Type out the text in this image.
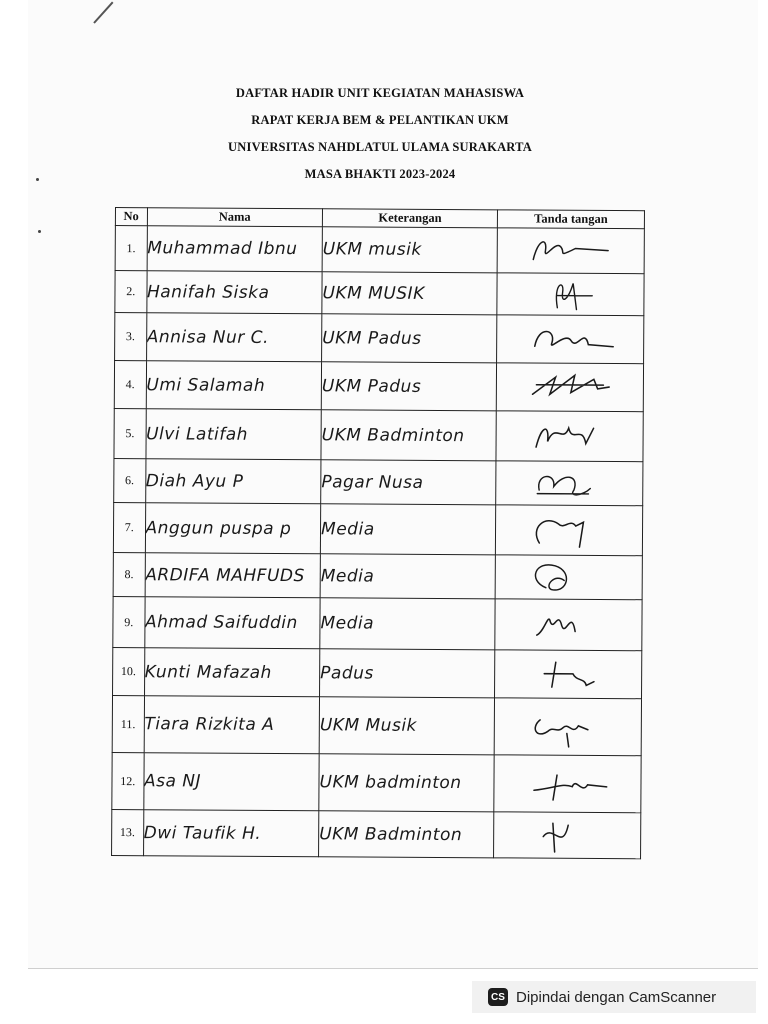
DAFTAR HADIR UNIT KEGIATAN MAHASISWA
RAPAT KERJA BEM & PELANTIKAN UKM
UNIVERSITAS NAHDLATUL ULAMA SURAKARTA
MASA BHAKTI 2023-2024
No	Nama	Keterangan	Tanda tangan
1.	Muhammad Ibnu	UKM musik	

2.	Hanifah Siska	UKM MUSIK	

3.	Annisa Nur C.	UKM Padus	

4.	Umi Salamah	UKM Padus	

5.	Ulvi Latifah	UKM Badminton	

6.	Diah Ayu P	Pagar Nusa	

7.	Anggun puspa p	Media	

8.	ARDIFA MAHFUDS	Media	

9.	Ahmad Saifuddin	Media	

10.	Kunti Mafazah	Padus	

11.	Tiara Rizkita A	UKM Musik	

12.	Asa NJ	UKM badminton	

13.	Dwi Taufik H.	UKM Badminton	
CS Dipindai dengan CamScanner
